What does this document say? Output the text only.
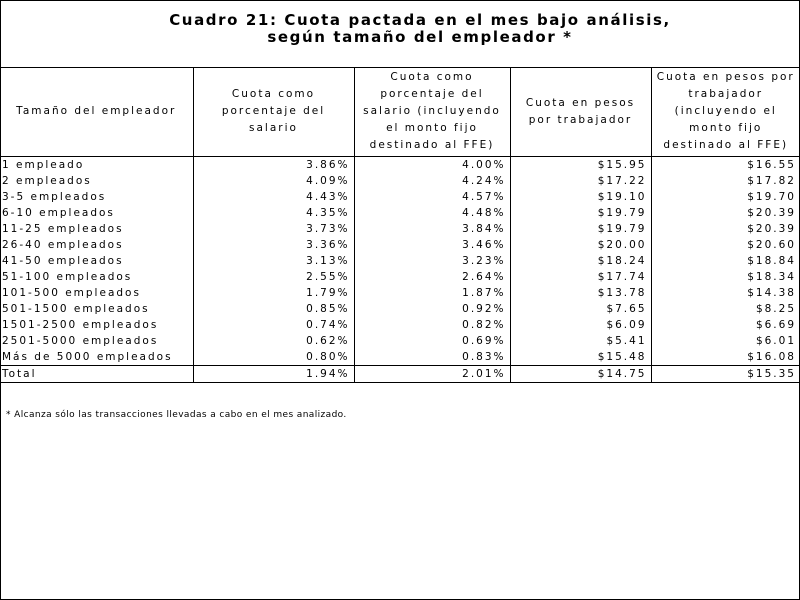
Cuadro 21: Cuota pactada en el mes bajo análisis,
según tamaño del empleador *
Tamaño del empleador	Cuota como porcentaje del salario	Cuota como porcentaje del salario (incluyendo el monto fijo destinado al FFE)	Cuota en pesos por trabajador	Cuota en pesos por trabajador (incluyendo el monto fijo destinado al FFE)
1 empleado	3.86%	4.00%	$15.95	$16.55
2 empleados	4.09%	4.24%	$17.22	$17.82
3-5 empleados	4.43%	4.57%	$19.10	$19.70
6-10 empleados	4.35%	4.48%	$19.79	$20.39
11-25 empleados	3.73%	3.84%	$19.79	$20.39
26-40 empleados	3.36%	3.46%	$20.00	$20.60
41-50 empleados	3.13%	3.23%	$18.24	$18.84
51-100 empleados	2.55%	2.64%	$17.74	$18.34
101-500 empleados	1.79%	1.87%	$13.78	$14.38
501-1500 empleados	0.85%	0.92%	$7.65	$8.25
1501-2500 empleados	0.74%	0.82%	$6.09	$6.69
2501-5000 empleados	0.62%	0.69%	$5.41	$6.01
Más de 5000 empleados	0.80%	0.83%	$15.48	$16.08
Total	1.94%	2.01%	$14.75	$15.35
* Alcanza sólo las transacciones llevadas a cabo en el mes analizado.
